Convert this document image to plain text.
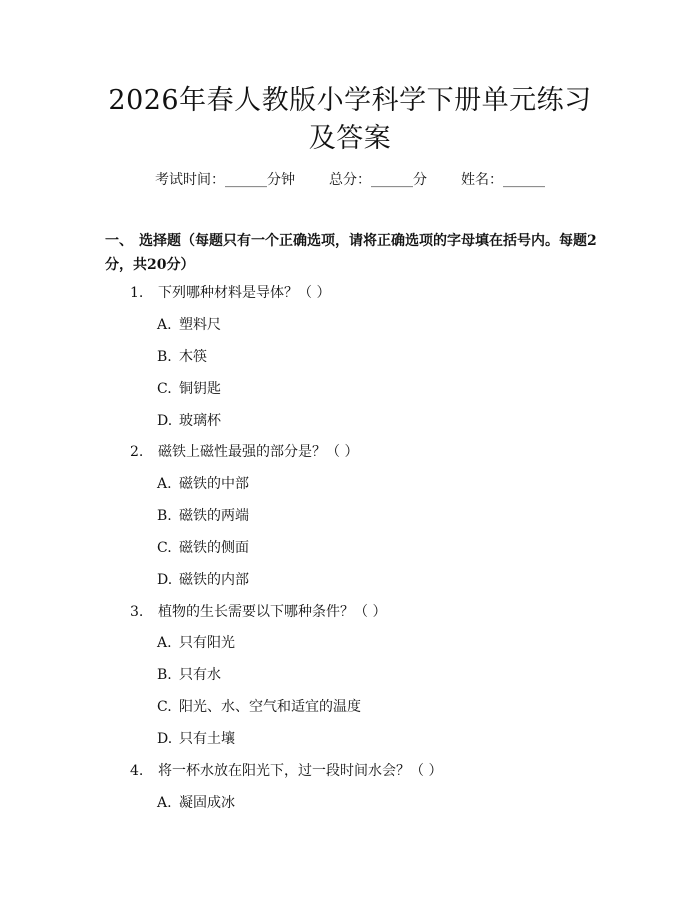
2026年春人教版小学科学下册单元练习及答案
考试时间：______分钟 总分：______分 姓名：______
一、 选择题（每题只有一个正确选项，请将正确选项的字母填在括号内。每题2分，共20分）
1. 下列哪种材料是导体？（ ）
A. 塑料尺
B. 木筷
C. 铜钥匙
D. 玻璃杯
2. 磁铁上磁性最强的部分是？（ ）
A. 磁铁的中部
B. 磁铁的两端
C. 磁铁的侧面
D. 磁铁的内部
3. 植物的生长需要以下哪种条件？（ ）
A. 只有阳光
B. 只有水
C. 阳光、水、空气和适宜的温度
D. 只有土壤
4. 将一杯水放在阳光下，过一段时间水会？（ ）
A. 凝固成冰
